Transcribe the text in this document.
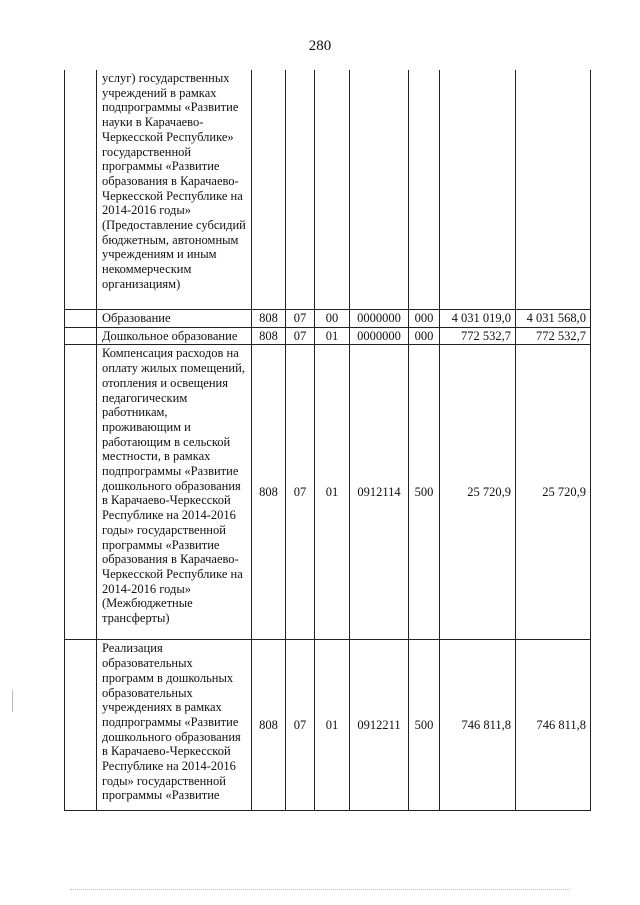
280
	услуг) государственных учреждений в рамках подпрограммы «Развитие науки в Карачаево-Черкесской Республике» государственной программы «Развитие образования в Карачаево-Черкесской Республике на 2014-2016 годы» (Предоставление субсидий бюджетным, автономным учреждениям и иным некоммерческим организациям)							
	Образование	808	07	00	0000000	000	4 031 019,0	4 031 568,0
	Дошкольное образование	808	07	01	0000000	000	772 532,7	772 532,7
	Компенсация расходов на оплату жилых помещений, отопления и освещения педагогическим работникам, проживающим и работающим в сельской местности, в рамках подпрограммы «Развитие дошкольного образования в Карачаево-Черкесской Республике на 2014-2016 годы» государственной программы «Развитие образования в Карачаево-Черкесской Республике на 2014-2016 годы» (Межбюджетные трансферты)	808	07	01	0912114	500	25 720,9	25 720,9
	Реализация образовательных программ в дошкольных образовательных учреждениях в рамках подпрограммы «Развитие дошкольного образования в Карачаево-Черкесской Республике на 2014-2016 годы» государственной программы «Развитие	808	07	01	0912211	500	746 811,8	746 811,8
